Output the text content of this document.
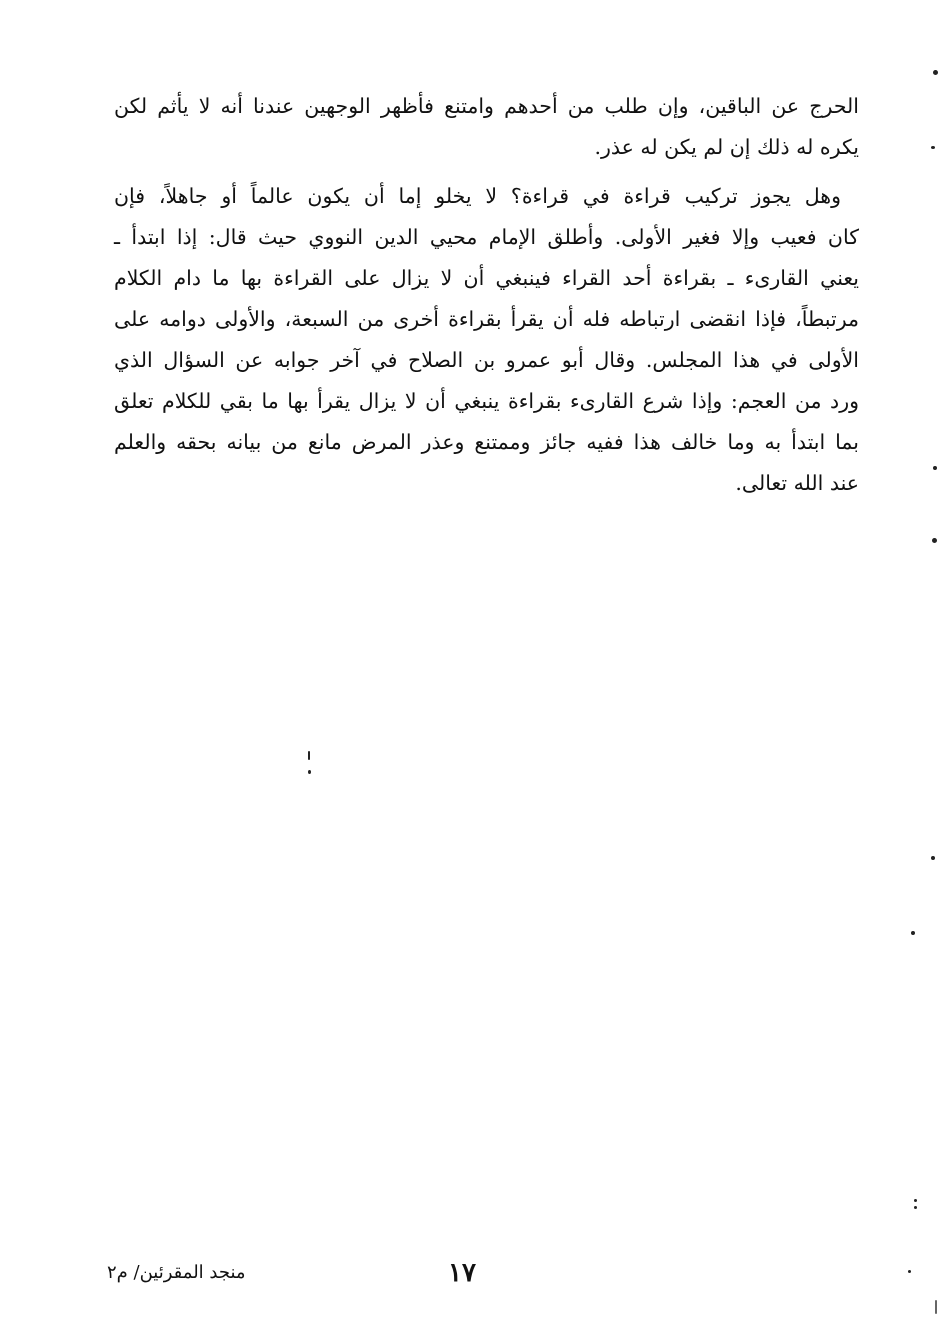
الحرج عن الباقين، وإن طلب من أحدهم وامتنع فأظهر الوجهين عندنا أنه لا يأثم لكن
يكره له ذلك إن لم يكن له عذر.
وهل يجوز تركيب قراءة في قراءة؟ لا يخلو إما أن يكون عالماً أو جاهلاً، فإن
كان فعيب وإلا فغير الأولى. وأطلق الإمام محيي الدين النووي حيث قال: إذا ابتدأ ـ
يعني القارىء ـ بقراءة أحد القراء فينبغي أن لا يزال على القراءة بها ما دام الكلام
مرتبطاً، فإذا انقضى ارتباطه فله أن يقرأ بقراءة أخرى من السبعة، والأولى دوامه على
الأولى في هذا المجلس. وقال أبو عمرو بن الصلاح في آخر جوابه عن السؤال الذي
ورد من العجم: وإذا شرع القارىء بقراءة ينبغي أن لا يزال يقرأ بها ما بقي للكلام تعلق
بما ابتدأ به وما خالف هذا ففيه جائز وممتنع وعذر المرض مانع من بيانه بحقه والعلم
عند الله تعالى.
منجد المقرئين/ م٢	١٧
